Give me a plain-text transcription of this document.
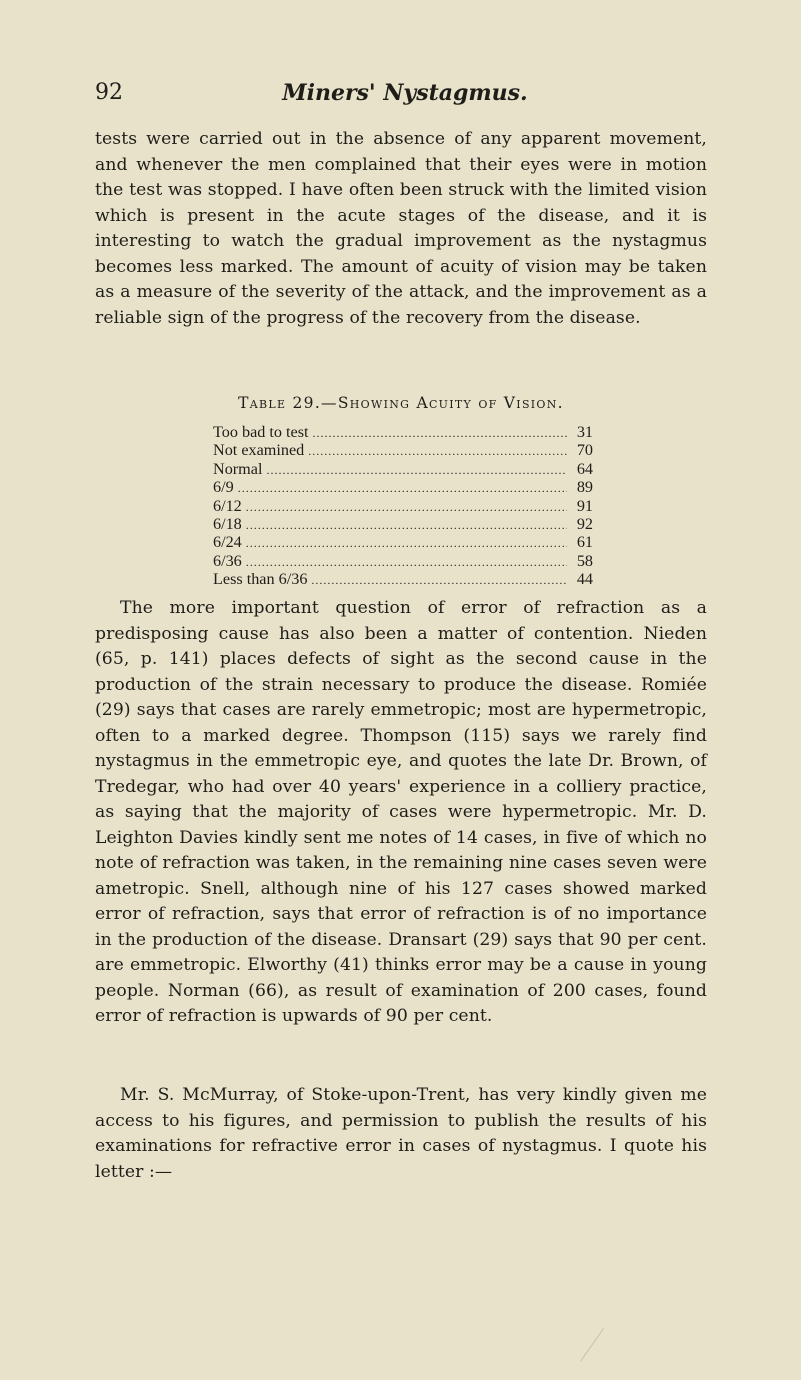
92	Miners' Nystagmus.

tests were carried out in the absence of any apparent movement, and whenever the men complained that their eyes were in motion the test was stopped. I have often been struck with the limited vision which is present in the acute stages of the disease, and it is interesting to watch the gradual improvement as the nystagmus becomes less marked. The amount of acuity of vision may be taken as a measure of the severity of the attack, and the improvement as a reliable sign of the progress of the recovery from the disease.

Table 29.—Showing Acuity of Vision.
Too bad to test .....	31
Not examined .....	70
Normal .....	64
6/9 .....	89
6/12 .....	91
6/18 .....	92
6/24 .....	61
6/36 .....	58
Less than 6/36 .....	44

The more important question of error of refraction as a predisposing cause has also been a matter of contention. Nieden (65, p. 141) places defects of sight as the second cause in the production of the strain necessary to produce the disease. Romiée (29) says that cases are rarely emmetropic; most are hypermetropic, often to a marked degree. Thompson (115) says we rarely find nystagmus in the emmetropic eye, and quotes the late Dr. Brown, of Tredegar, who had over 40 years' experience in a colliery practice, as saying that the majority of cases were hypermetropic. Mr. D. Leighton Davies kindly sent me notes of 14 cases, in five of which no note of refraction was taken, in the remaining nine cases seven were ametropic. Snell, although nine of his 127 cases showed marked error of refraction, says that error of refraction is of no importance in the production of the disease. Dransart (29) says that 90 per cent. are emmetropic. Elworthy (41) thinks error may be a cause in young people. Norman (66), as result of examination of 200 cases, found error of refraction is upwards of 90 per cent.

Mr. S. McMurray, of Stoke-upon-Trent, has very kindly given me access to his figures, and permission to publish the results of his examinations for refractive error in cases of nystagmus. I quote his letter :—
